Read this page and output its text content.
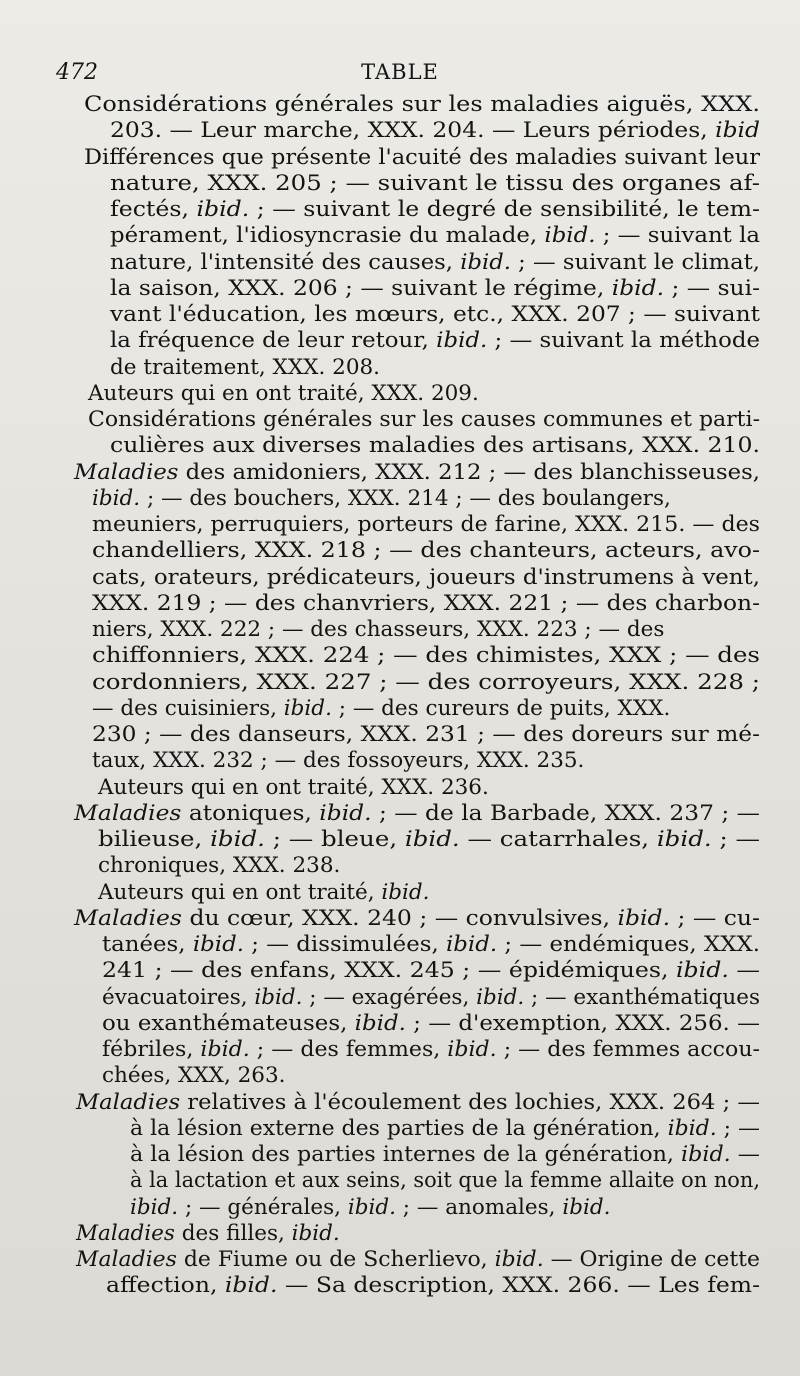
472	TABLE
Considérations générales sur les maladies aiguës, XXX.
203. — Leur marche, XXX. 204. — Leurs périodes, ibid
Différences que présente l'acuité des maladies suivant leur
nature, XXX. 205 ; — suivant le tissu des organes af-
fectés, ibid. ; — suivant le degré de sensibilité, le tem-
pérament, l'idiosyncrasie du malade, ibid. ; — suivant la
nature, l'intensité des causes, ibid. ; — suivant le climat,
la saison, XXX. 206 ; — suivant le régime, ibid. ; — sui-
vant l'éducation, les mœurs, etc., XXX. 207 ; — suivant
la fréquence de leur retour, ibid. ; — suivant la méthode
de traitement, XXX. 208.
Auteurs qui en ont traité, XXX. 209.
Considérations générales sur les causes communes et parti-
culières aux diverses maladies des artisans, XXX. 210.
Maladies des amidoniers, XXX. 212 ; — des blanchisseuses,
ibid. ; — des bouchers, XXX. 214 ; — des boulangers,
meuniers, perruquiers, porteurs de farine, XXX. 215. — des
chandelliers, XXX. 218 ; — des chanteurs, acteurs, avo-
cats, orateurs, prédicateurs, joueurs d'instrumens à vent,
XXX. 219 ; — des chanvriers, XXX. 221 ; — des charbon-
niers, XXX. 222 ; — des chasseurs, XXX. 223 ; — des
chiffonniers, XXX. 224 ; — des chimistes, XXX ; — des
cordonniers, XXX. 227 ; — des corroyeurs, XXX. 228 ;
— des cuisiniers, ibid. ; — des cureurs de puits, XXX.
230 ; — des danseurs, XXX. 231 ; — des doreurs sur mé-
taux, XXX. 232 ; — des fossoyeurs, XXX. 235.
Auteurs qui en ont traité, XXX. 236.
Maladies atoniques, ibid. ; — de la Barbade, XXX. 237 ; —
bilieuse, ibid. ; — bleue, ibid. — catarrhales, ibid. ; —
chroniques, XXX. 238.
Auteurs qui en ont traité, ibid.
Maladies du cœur, XXX. 240 ; — convulsives, ibid. ; — cu-
tanées, ibid. ; — dissimulées, ibid. ; — endémiques, XXX.
241 ; — des enfans, XXX. 245 ; — épidémiques, ibid. —
évacuatoires, ibid. ; — exagérées, ibid. ; — exanthématiques
ou exanthémateuses, ibid. ; — d'exemption, XXX. 256. —
fébriles, ibid. ; — des femmes, ibid. ; — des femmes accou-
chées, XXX, 263.
Maladies relatives à l'écoulement des lochies, XXX. 264 ; —
à la lésion externe des parties de la génération, ibid. ; —
à la lésion des parties internes de la génération, ibid. —
à la lactation et aux seins, soit que la femme allaite on non,
ibid. ; — générales, ibid. ; — anomales, ibid.
Maladies des filles, ibid.
Maladies de Fiume ou de Scherlievo, ibid. — Origine de cette
affection, ibid. — Sa description, XXX. 266. — Les fem-
